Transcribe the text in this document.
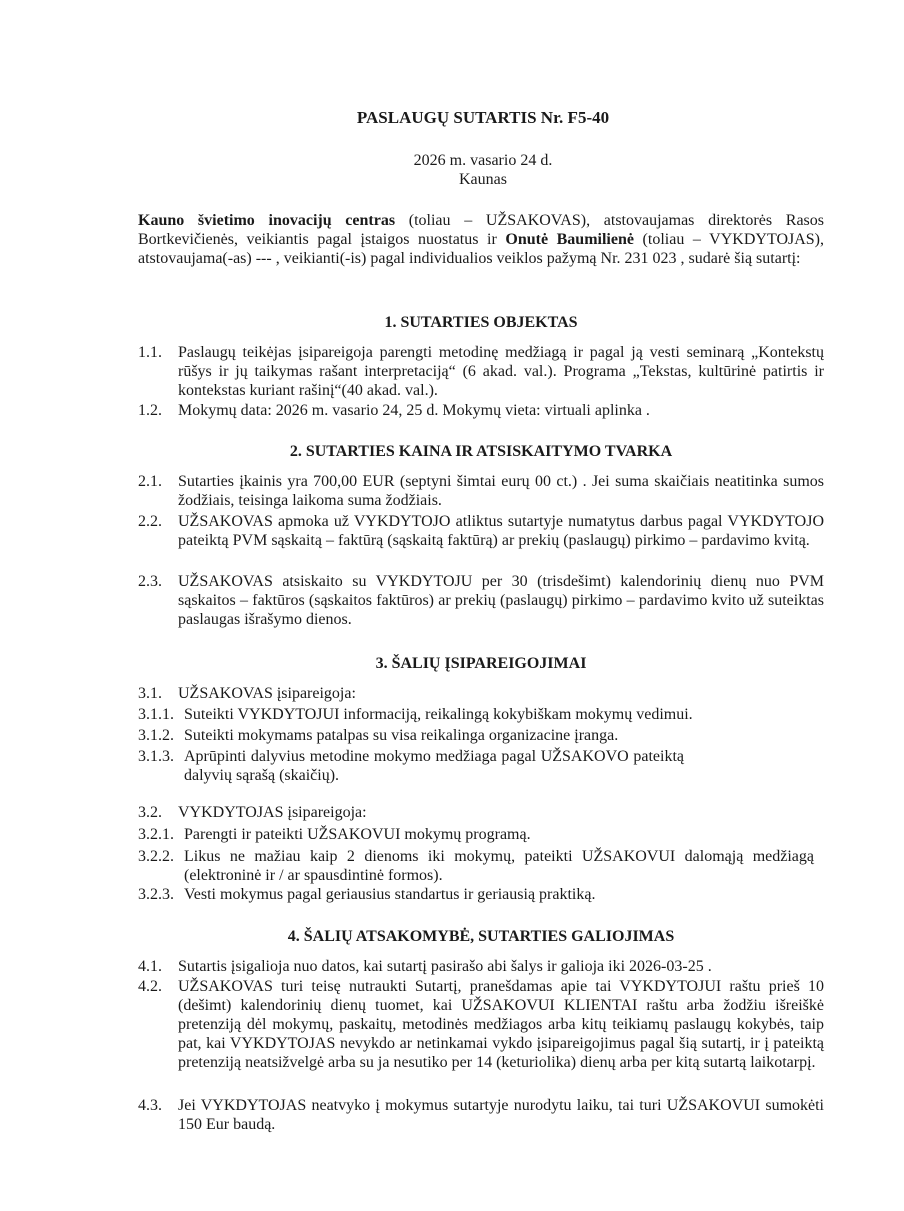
PASLAUGŲ SUTARTIS Nr. F5-40
2026 m. vasario 24 d.
Kaunas
Kauno švietimo inovacijų centras (toliau – UŽSAKOVAS), atstovaujamas direktorės Rasos Bortkevičienės, veikiantis pagal įstaigos nuostatus ir Onutė Baumilienė (toliau – VYKDYTOJAS), atstovaujama(-as) --- , veikianti(-is) pagal individualios veiklos pažymą Nr. 231 023 , sudarė šią sutartį:
1. SUTARTIES OBJEKTAS
1.1.	Paslaugų teikėjas įsipareigoja parengti metodinę medžiagą ir pagal ją vesti seminarą „Kontekstų rūšys ir jų taikymas rašant interpretaciją“ (6 akad. val.). Programa „Tekstas, kultūrinė patirtis ir kontekstas kuriant rašinį“(40 akad. val.).
1.2.	Mokymų data: 2026 m. vasario 24, 25 d. Mokymų vieta: virtuali aplinka .
2. SUTARTIES KAINA IR ATSISKAITYMO TVARKA
2.1.	Sutarties įkainis yra 700,00 EUR (septyni šimtai eurų 00 ct.) . Jei suma skaičiais neatitinka sumos žodžiais, teisinga laikoma suma žodžiais.
2.2.	UŽSAKOVAS apmoka už VYKDYTOJO atliktus sutartyje numatytus darbus pagal VYKDYTOJO pateiktą PVM sąskaitą – faktūrą (sąskaitą faktūrą) ar prekių (paslaugų) pirkimo – pardavimo kvitą.
2.3.	UŽSAKOVAS atsiskaito su VYKDYTOJU per 30 (trisdešimt) kalendorinių dienų nuo PVM sąskaitos – faktūros (sąskaitos faktūros) ar prekių (paslaugų) pirkimo – pardavimo kvito už suteiktas paslaugas išrašymo dienos.
3. ŠALIŲ ĮSIPAREIGOJIMAI
3.1.	UŽSAKOVAS įsipareigoja:
3.1.1. Suteikti VYKDYTOJUI informaciją, reikalingą kokybiškam mokymų vedimui.
3.1.2. Suteikti mokymams patalpas su visa reikalinga organizacine įranga.
3.1.3. Aprūpinti dalyvius metodine mokymo medžiaga pagal UŽSAKOVO pateiktą dalyvių sąrašą (skaičių).
3.2.	VYKDYTOJAS įsipareigoja:
3.2.1. Parengti ir pateikti UŽSAKOVUI mokymų programą.
3.2.2. Likus ne mažiau kaip 2 dienoms iki mokymų, pateikti UŽSAKOVUI dalomąją medžiagą (elektroninė ir / ar spausdintinė formos).
3.2.3. Vesti mokymus pagal geriausius standartus ir geriausią praktiką.
4. ŠALIŲ ATSAKOMYBĖ, SUTARTIES GALIOJIMAS
4.1.	Sutartis įsigalioja nuo datos, kai sutartį pasirašo abi šalys ir galioja iki 2026-03-25 .
4.2.	UŽSAKOVAS turi teisę nutraukti Sutartį, pranešdamas apie tai VYKDYTOJUI raštu prieš 10 (dešimt) kalendorinių dienų tuomet, kai UŽSAKOVUI KLIENTAI raštu arba žodžiu išreiškė pretenziją dėl mokymų, paskaitų, metodinės medžiagos arba kitų teikiamų paslaugų kokybės, taip pat, kai VYKDYTOJAS nevykdo ar netinkamai vykdo įsipareigojimus pagal šią sutartį, ir į pateiktą pretenziją neatsižvelgė arba su ja nesutiko per 14 (keturiolika) dienų arba per kitą sutartą laikotarpį.
4.3.	Jei VYKDYTOJAS neatvyko į mokymus sutartyje nurodytu laiku, tai turi UŽSAKOVUI sumokėti 150 Eur baudą.
